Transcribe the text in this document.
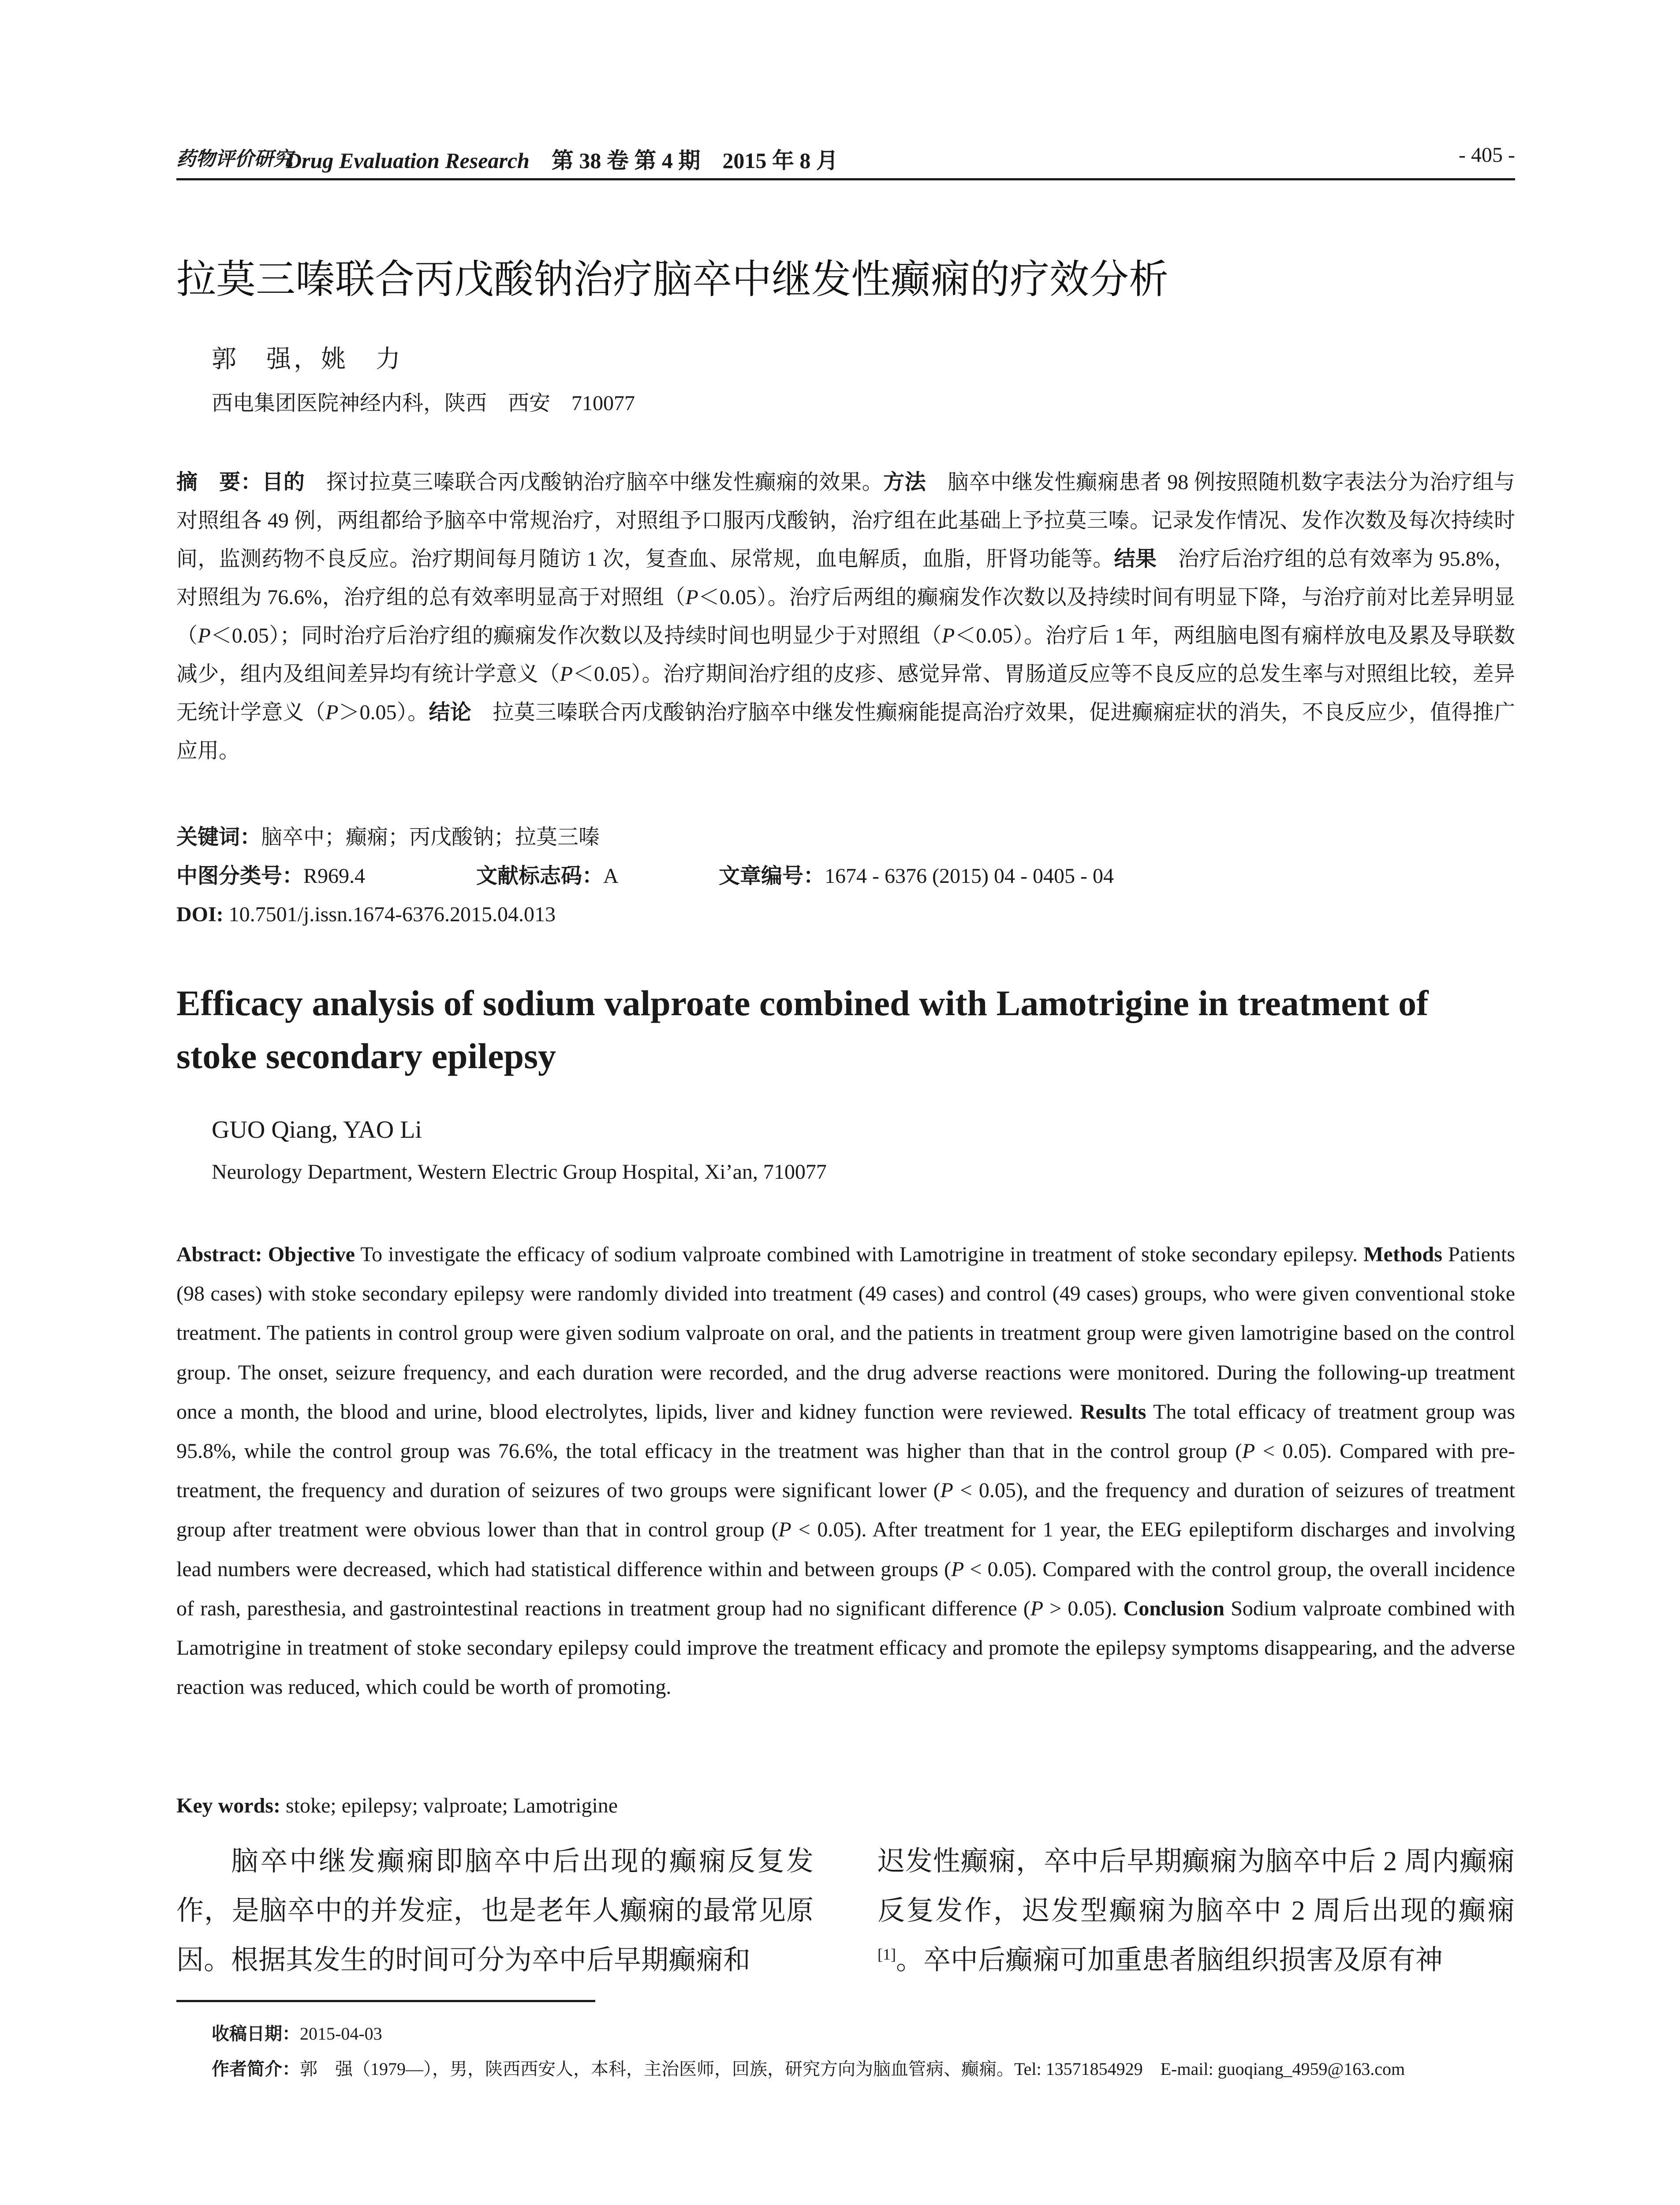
药物评价研究
Drug Evaluation Research　 第 38 卷 第 4 期　 2015 年 8 月	- 405 -
拉莫三嗪联合丙戊酸钠治疗脑卒中继发性癫痫的疗效分析
郭　强，姚　力
西电集团医院神经内科，陕西　西安　710077
摘　要：目的　探讨拉莫三嗪联合丙戊酸钠治疗脑卒中继发性癫痫的效果。方法　脑卒中继发性癫痫患者 98 例按照随机数字表法分为治疗组与对照组各 49 例，两组都给予脑卒中常规治疗，对照组予口服丙戊酸钠，治疗组在此基础上予拉莫三嗪。记录发作情况、发作次数及每次持续时间，监测药物不良反应。治疗期间每月随访 1 次，复查血、尿常规，血电解质，血脂，肝肾功能等。结果　治疗后治疗组的总有效率为 95.8%，对照组为 76.6%，治疗组的总有效率明显高于对照组（P＜0.05）。治疗后两组的癫痫发作次数以及持续时间有明显下降，与治疗前对比差异明显（P＜0.05）；同时治疗后治疗组的癫痫发作次数以及持续时间也明显少于对照组（P＜0.05）。治疗后 1 年，两组脑电图有痫样放电及累及导联数减少，组内及组间差异均有统计学意义（P＜0.05）。治疗期间治疗组的皮疹、感觉异常、胃肠道反应等不良反应的总发生率与对照组比较，差异无统计学意义（P＞0.05）。结论　拉莫三嗪联合丙戊酸钠治疗脑卒中继发性癫痫能提高治疗效果，促进癫痫症状的消失，不良反应少，值得推广应用。
关键词：脑卒中；癫痫；丙戊酸钠；拉莫三嗪
中图分类号：R969.4	文献标志码：A	文章编号：1674 - 6376 (2015) 04 - 0405 - 04
DOI: 10.7501/j.issn.1674-6376.2015.04.013
Efficacy analysis of sodium valproate combined with Lamotrigine in treatment of stoke secondary epilepsy
GUO Qiang, YAO Li
Neurology Department, Western Electric Group Hospital, Xi’an, 710077
Abstract: Objective To investigate the efficacy of sodium valproate combined with Lamotrigine in treatment of stoke secondary epilepsy. Methods Patients (98 cases) with stoke secondary epilepsy were randomly divided into treatment (49 cases) and control (49 cases) groups, who were given conventional stoke treatment. The patients in control group were given sodium valproate on oral, and the patients in treatment group were given lamotrigine based on the control group. The onset, seizure frequency, and each duration were recorded, and the drug adverse reactions were monitored. During the following-up treatment once a month, the blood and urine, blood electrolytes, lipids, liver and kidney function were reviewed. Results The total efficacy of treatment group was 95.8%, while the control group was 76.6%, the total efficacy in the treatment was higher than that in the control group (P < 0.05). Compared with pre-treatment, the frequency and duration of seizures of two groups were significant lower (P < 0.05), and the frequency and duration of seizures of treatment group after treatment were obvious lower than that in control group (P < 0.05). After treatment for 1 year, the EEG epileptiform discharges and involving lead numbers were decreased, which had statistical difference within and between groups (P < 0.05). Compared with the control group, the overall incidence of rash, paresthesia, and gastrointestinal reactions in treatment group had no significant difference (P > 0.05). Conclusion Sodium valproate combined with Lamotrigine in treatment of stoke secondary epilepsy could improve the treatment efficacy and promote the epilepsy symptoms disappearing, and the adverse reaction was reduced, which could be worth of promoting.
Key words: stoke; epilepsy; valproate; Lamotrigine
脑卒中继发癫痫即脑卒中后出现的癫痫反复发作，是脑卒中的并发症，也是老年人癫痫的最常见原因。根据其发生的时间可分为卒中后早期癫痫和
迟发性癫痫，卒中后早期癫痫为脑卒中后 2 周内癫痫反复发作，迟发型癫痫为脑卒中 2 周后出现的癫痫[1]。卒中后癫痫可加重患者脑组织损害及原有神
收稿日期：2015-04-03
作者简介：郭　强（1979—），男，陕西西安人，本科，主治医师，回族，研究方向为脑血管病、癫痫。Tel: 13571854929　E-mail: guoqiang_4959@163.com
